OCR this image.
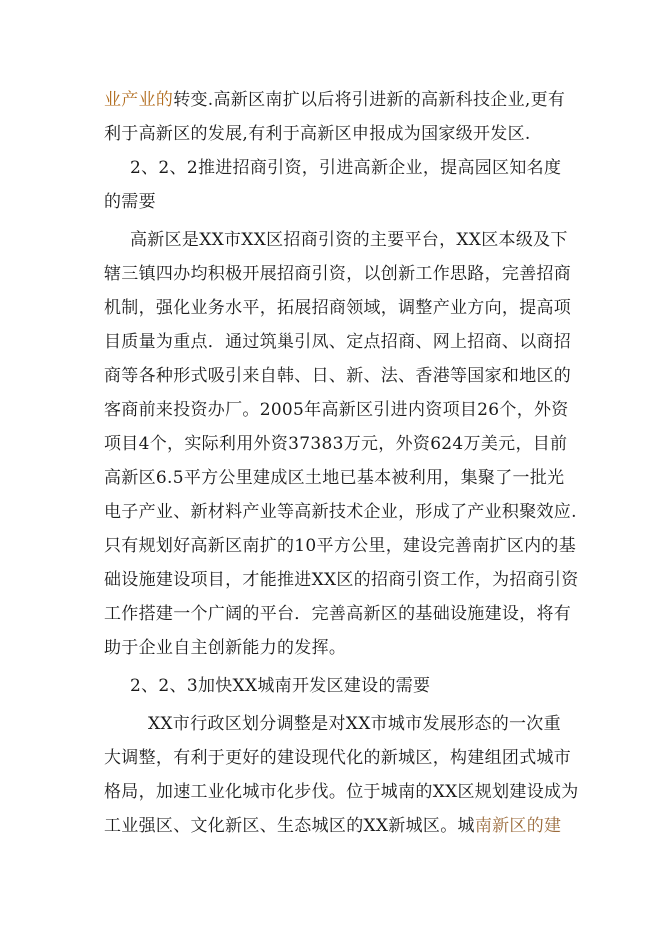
业产业的转变.高新区南扩以后将引进新的高新科技企业,更有
利于高新区的发展,有利于高新区申报成为国家级开发区.
2、2、2推进招商引资，引进高新企业，提高园区知名度
的需要
高新区是XX市XX区招商引资的主要平台，XX区本级及下
辖三镇四办均积极开展招商引资，以创新工作思路，完善招商
机制，强化业务水平，拓展招商领域，调整产业方向，提高项
目质量为重点．通过筑巢引凤、定点招商、网上招商、以商招
商等各种形式吸引来自韩、日、新、法、香港等国家和地区的
客商前来投资办厂。2005年高新区引进内资项目26个，外资
项目4个，实际利用外资37383万元，外资624万美元，目前
高新区6.5平方公里建成区土地已基本被利用，集聚了一批光
电子产业、新材料产业等高新技术企业，形成了产业积聚效应.
只有规划好高新区南扩的10平方公里，建设完善南扩区内的基
础设施建设项目，才能推进XX区的招商引资工作，为招商引资
工作搭建一个广阔的平台．完善高新区的基础设施建设，将有
助于企业自主创新能力的发挥。
2、2、3加快XX城南开发区建设的需要
XX市行政区划分调整是对XX市城市发展形态的一次重
大调整，有利于更好的建设现代化的新城区，构建组团式城市
格局，加速工业化城市化步伐。位于城南的XX区规划建设成为
工业强区、文化新区、生态城区的XX新城区。城南新区的建
